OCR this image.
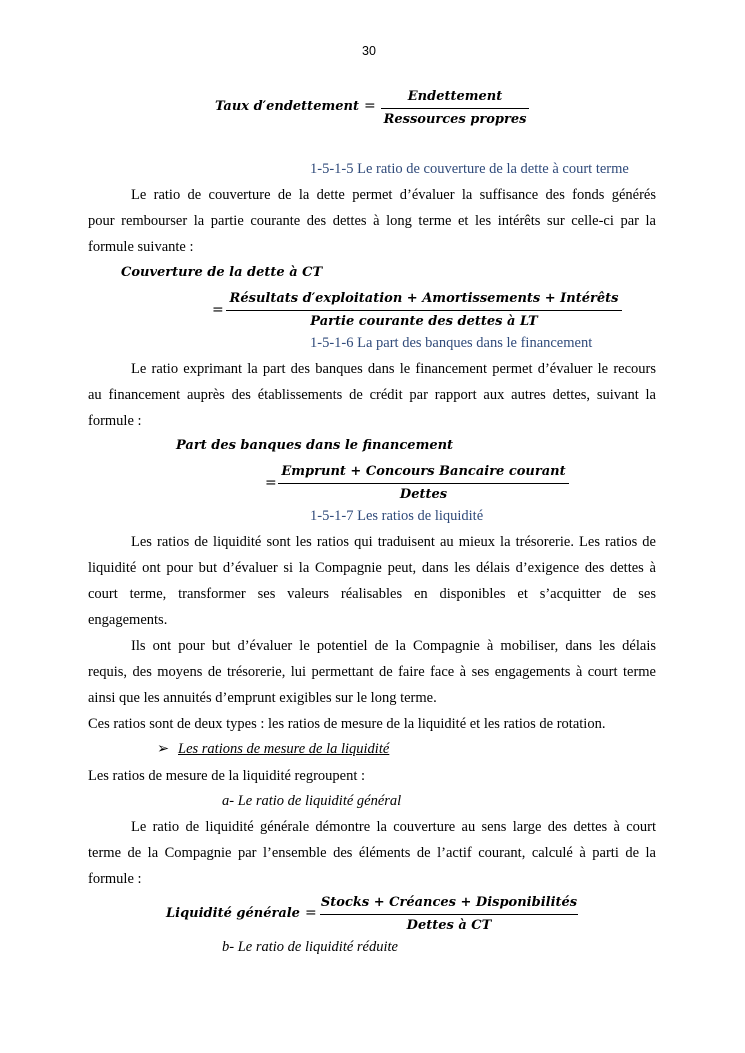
30
Taux d′endettement =
Endettement
Ressources propres
1-5-1-5 Le ratio de couverture de la dette à court terme
Le ratio de couverture de la dette permet d’évaluer la suffisance des fonds générés
pour rembourser la partie courante des dettes à long terme et les intérêts sur celle-ci par la
formule suivante :
Couverture de la dette à CT
=
Résultats d′exploitation + Amortissements + Intérêts
Partie courante des dettes à LT
1-5-1-6 La part des banques dans le financement
Le ratio exprimant la part des banques dans le financement permet d’évaluer le recours
au financement auprès des établissements de crédit par rapport aux autres dettes, suivant la
formule :
Part des banques dans le financement
=
Emprunt + Concours Bancaire courant
Dettes
1-5-1-7 Les ratios de liquidité
Les ratios de liquidité sont les ratios qui traduisent au mieux la trésorerie. Les ratios de
liquidité ont pour but d’évaluer si la Compagnie peut, dans les délais d’exigence des dettes à
court terme, transformer ses valeurs réalisables en disponibles et s’acquitter de ses
engagements.
Ils ont pour but d’évaluer le potentiel de la Compagnie à mobiliser, dans les délais
requis, des moyens de trésorerie, lui permettant de faire face à ses engagements à court terme
ainsi que les annuités d’emprunt exigibles sur le long terme.
Ces ratios sont de deux types : les ratios de mesure de la liquidité et les ratios de rotation.
➢ Les rations de mesure de la liquidité
Les ratios de mesure de la liquidité regroupent :
a- Le ratio de liquidité général
Le ratio de liquidité générale démontre la couverture au sens large des dettes à court
terme de la Compagnie par l’ensemble des éléments de l’actif courant, calculé à parti de la
formule :
Liquidité générale =
Stocks + Créances + Disponibilités
Dettes à CT
b- Le ratio de liquidité réduite
